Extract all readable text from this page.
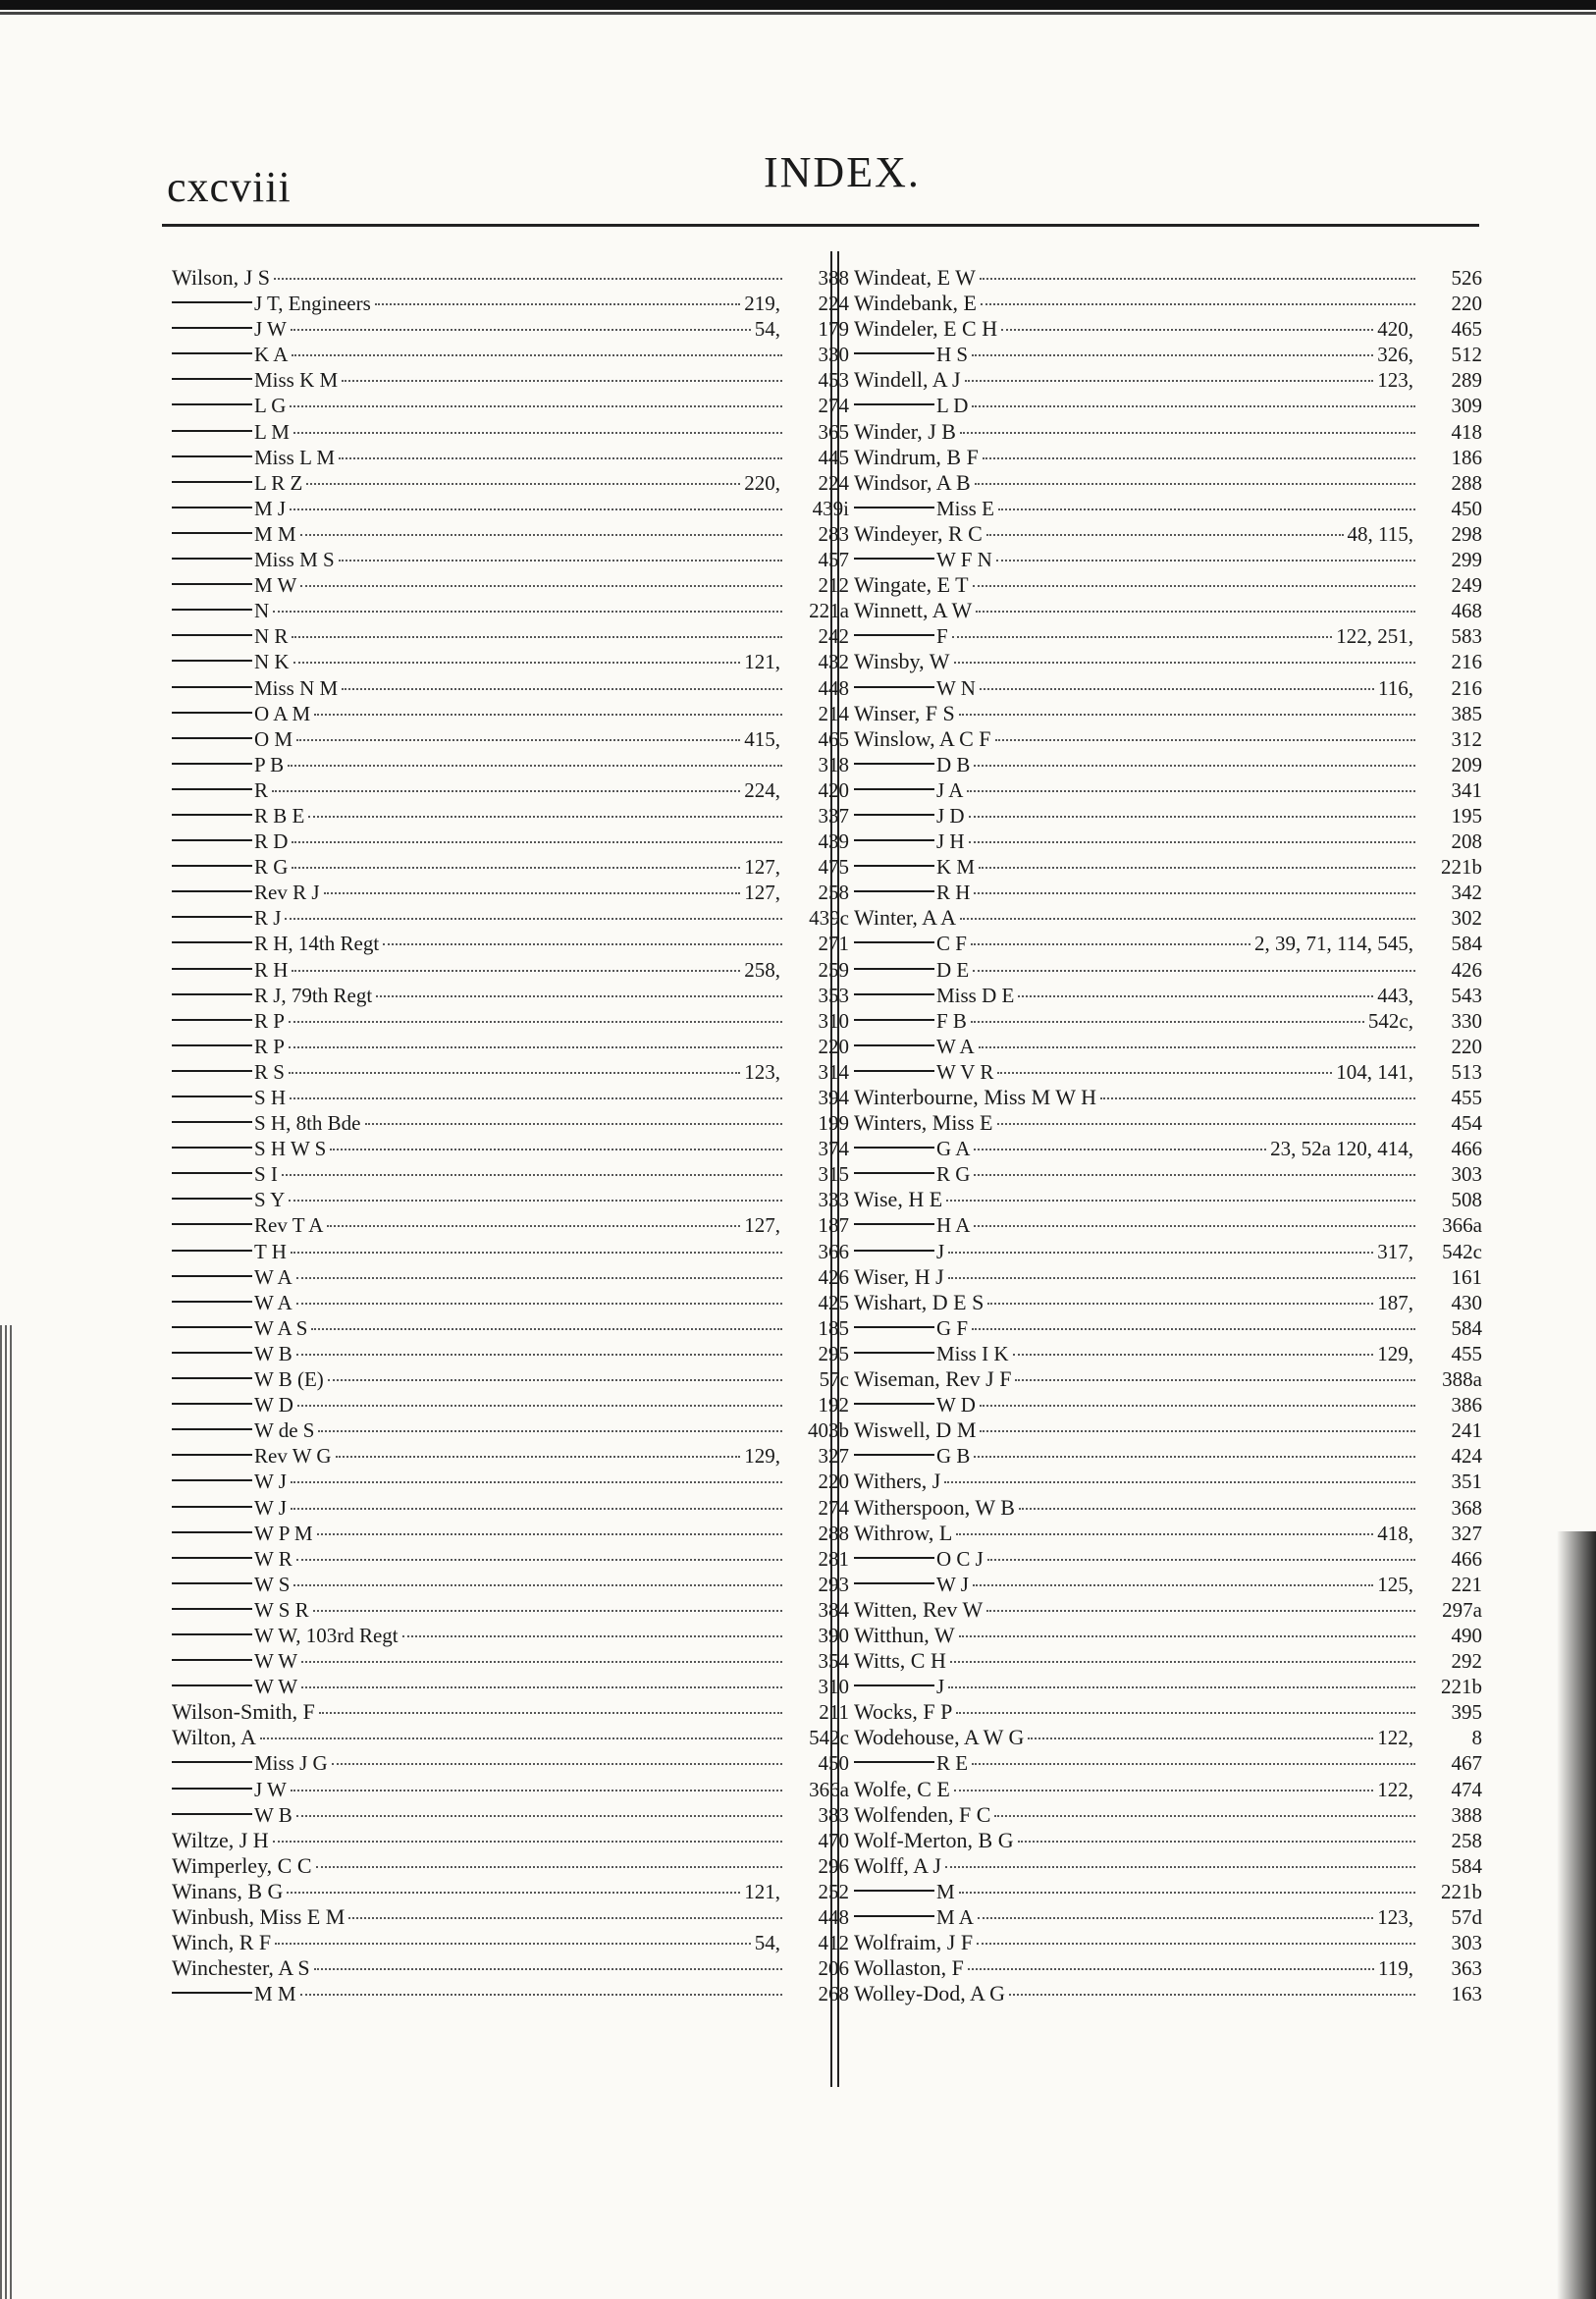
cxcviii	INDEX.
Wilson, J S	388
J T, Engineers	219,	224
J W	54,	179
K A	330
Miss K M	453
L G	274
L M	365
Miss L M	445
L R Z	220,	224
M J	439i
M M	283
Miss M S	457
M W	212
N	221a
N R	242
N K	121,	432
Miss N M	448
O A M	214
O M	415,	465
P B	318
R	224,	420
R B E	337
R D	439
R G	127,	475
Rev R J	127,	258
R J	439c
R H, 14th Regt	271
R H	258,	259
R J, 79th Regt	353
R P	310
R P	220
R S	123,	314
S H	394
S H, 8th Bde	199
S H W S	374
S I	315
S Y	333
Rev T A	127,	187
T H	366
W A	426
W A	425
W A S	185
W B	295
W B (E)	57c
W D	192
W de S	403b
Rev W G	129,	327
W J	220
W J	274
W P M	288
W R	281
W S	293
W S R	384
W W, 103rd Regt	390
W W	354
W W	310
Wilson-Smith, F	211
Wilton, A	542c
Miss J G	450
J W	366a
W B	383
Wiltze, J H	470
Wimperley, C C	296
Winans, B G	121,	252
Winbush, Miss E M	448
Winch, R F	54,	412
Winchester, A S	206
M M	268
Windeat, E W	526
Windebank, E	220
Windeler, E C H	420,	465
H S	326,	512
Windell, A J	123,	289
L D	309
Winder, J B	418
Windrum, B F	186
Windsor, A B	288
Miss E	450
Windeyer, R C	48, 115,	298
W F N	299
Wingate, E T	249
Winnett, A W	468
F	122, 251,	583
Winsby, W	216
W N	116,	216
Winser, F S	385
Winslow, A C F	312
D B	209
J A	341
J D	195
J H	208
K M	221b
R H	342
Winter, A A	302
C F	2, 39, 71, 114, 545,	584
D E	426
Miss D E	443,	543
F B	542c,	330
W A	220
W V R	104, 141,	513
Winterbourne, Miss M W H	455
Winters, Miss E	454
G A	23, 52a 120, 414,	466
R G	303
Wise, H E	508
H A	366a
J	317,	542c
Wiser, H J	161
Wishart, D E S	187,	430
G F	584
Miss I K	129,	455
Wiseman, Rev J F	388a
W D	386
Wiswell, D M	241
G B	424
Withers, J	351
Witherspoon, W B	368
Withrow, L	418,	327
O C J	466
W J	125,	221
Witten, Rev W	297a
Witthun, W	490
Witts, C H	292
J	221b
Wocks, F P	395
Wodehouse, A W G	122,	8
R E	467
Wolfe, C E	122,	474
Wolfenden, F C	388
Wolf-Merton, B G	258
Wolff, A J	584
M	221b
M A	123,	57d
Wolfraim, J F	303
Wollaston, F	119,	363
Wolley-Dod, A G	163
